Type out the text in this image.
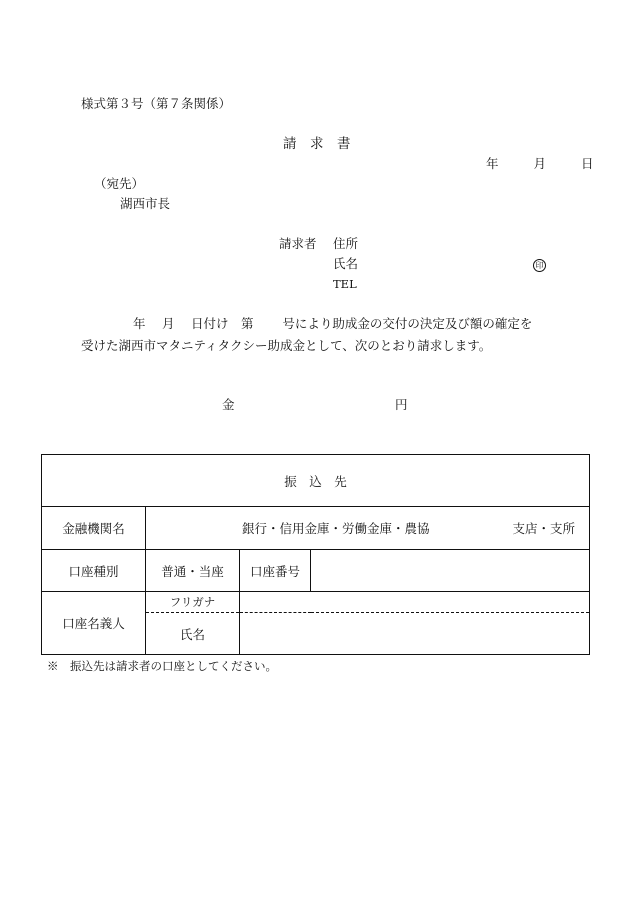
様式第３号（第７条関係）
請　求　書
年　月　日
（宛先）
湖西市長
請求者 住所
氏名	印
TEL
年　 月　 日付け　第　　 号により助成金の交付の決定及び額の確定を
受けた湖西市マタニティタクシー助成金として、次のとおり請求します。
金	円
振　込　先			
金融機関名	銀行・信用金庫・労働金庫・農協 支店・支所		

口座種別	普通・当座	口座番号	
口座名義人	フリガナ		
	氏名		
※　振込先は請求者の口座としてください。
